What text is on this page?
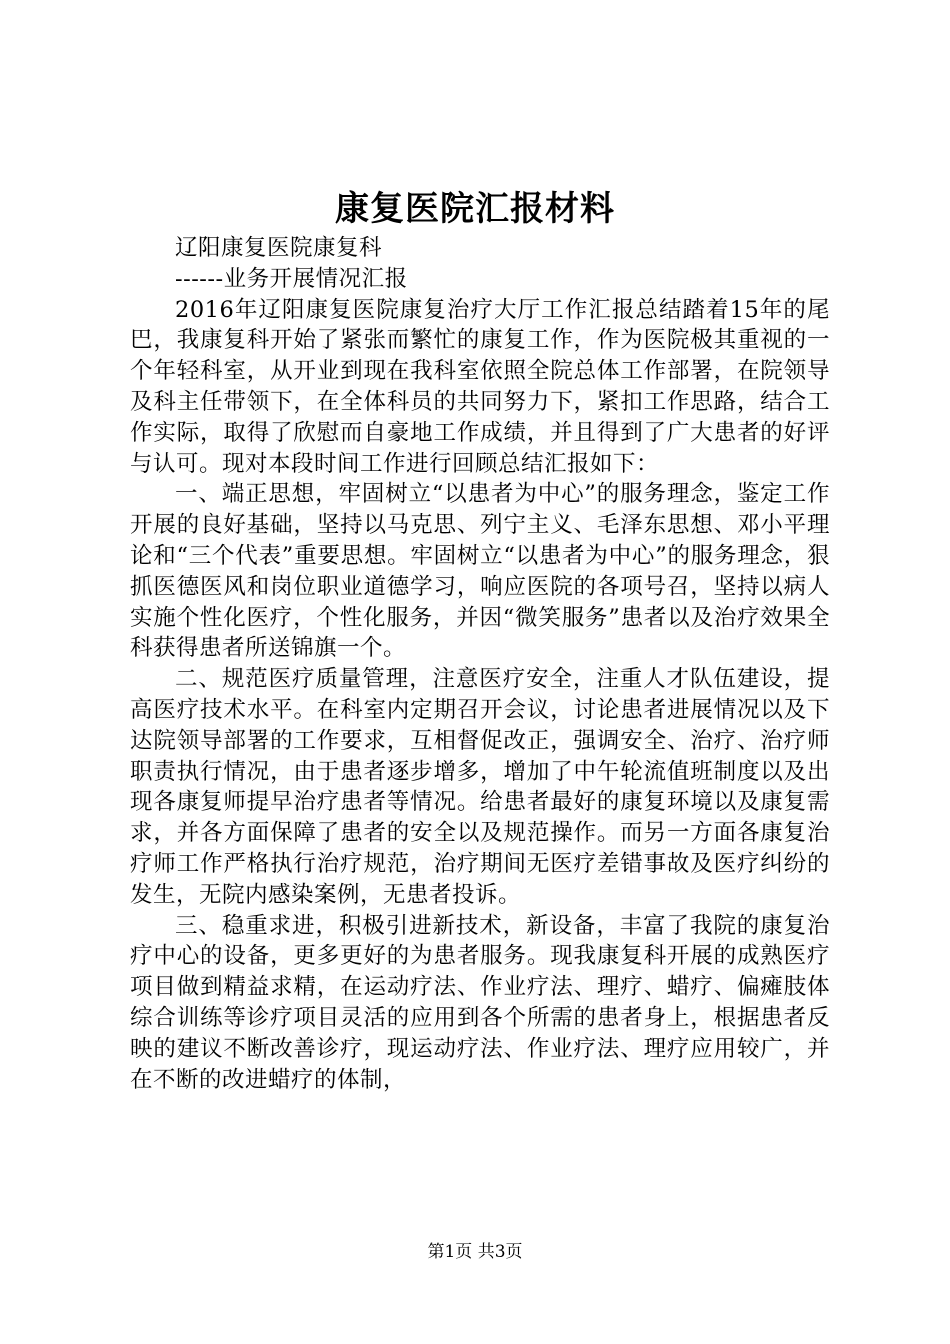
康复医院汇报材料

辽阳康复医院康复科

------业务开展情况汇报

2016年辽阳康复医院康复治疗大厅工作汇报总结踏着15年的尾巴，我康复科开始了紧张而繁忙的康复工作，作为医院极其重视的一个年轻科室，从开业到现在我科室依照全院总体工作部署，在院领导及科主任带领下，在全体科员的共同努力下，紧扣工作思路，结合工作实际，取得了欣慰而自豪地工作成绩，并且得到了广大患者的好评与认可。现对本段时间工作进行回顾总结汇报如下：

一、端正思想，牢固树立“以患者为中心”的服务理念，鉴定工作开展的良好基础，坚持以马克思、列宁主义、毛泽东思想、邓小平理论和“三个代表”重要思想。牢固树立“以患者为中心”的服务理念，狠抓医德医风和岗位职业道德学习，响应医院的各项号召，坚持以病人实施个性化医疗，个性化服务，并因“微笑服务”患者以及治疗效果全科获得患者所送锦旗一个。

二、规范医疗质量管理，注意医疗安全，注重人才队伍建设，提高医疗技术水平。在科室内定期召开会议，讨论患者进展情况以及下达院领导部署的工作要求，互相督促改正，强调安全、治疗、治疗师职责执行情况，由于患者逐步增多，增加了中午轮流值班制度以及出现各康复师提早治疗患者等情况。给患者最好的康复环境以及康复需求，并各方面保障了患者的安全以及规范操作。而另一方面各康复治疗师工作严格执行治疗规范，治疗期间无医疗差错事故及医疗纠纷的发生，无院内感染案例，无患者投诉。

三、稳重求进，积极引进新技术，新设备，丰富了我院的康复治疗中心的设备，更多更好的为患者服务。现我康复科开展的成熟医疗项目做到精益求精，在运动疗法、作业疗法、理疗、蜡疗、偏瘫肢体综合训练等诊疗项目灵活的应用到各个所需的患者身上，根据患者反映的建议不断改善诊疗，现运动疗法、作业疗法、理疗应用较广，并在不断的改进蜡疗的体制，

第1页 共3页
